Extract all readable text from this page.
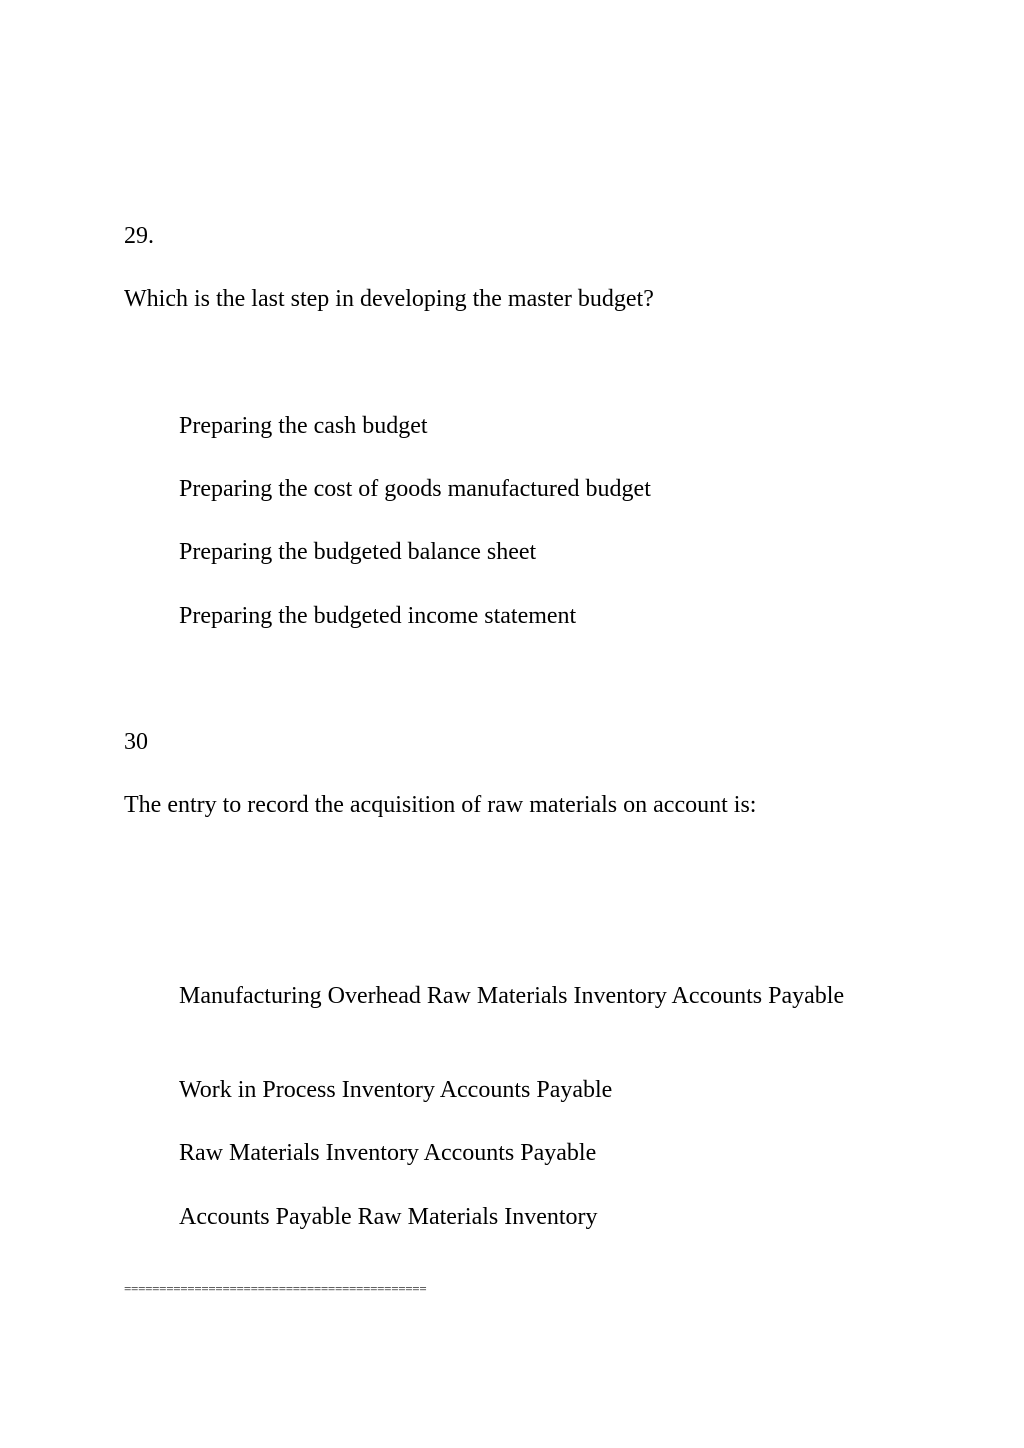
29.
Which is the last step in developing the master budget?
Preparing the cash budget
Preparing the cost of goods manufactured budget
Preparing the budgeted balance sheet
Preparing the budgeted income statement
30
The entry to record the acquisition of raw materials on account is:
Manufacturing Overhead Raw Materials Inventory Accounts Payable
Work in Process Inventory Accounts Payable
Raw Materials Inventory Accounts Payable
Accounts Payable Raw Materials Inventory
===========================================
